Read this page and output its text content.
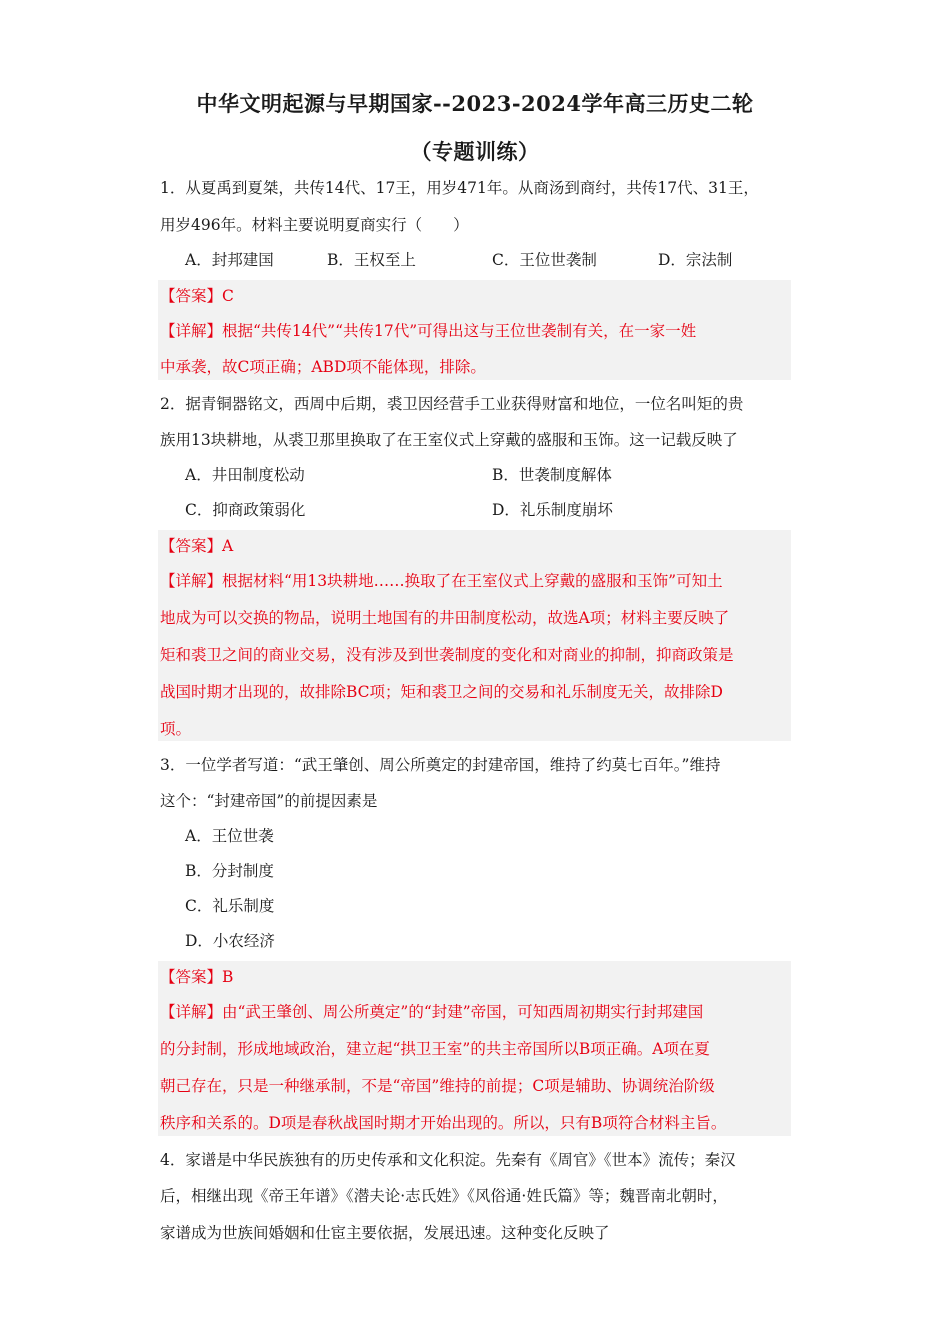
中华文明起源与早期国家--2023-2024学年高三历史二轮
（专题训练）
1．从夏禹到夏桀，共传14代、17王，用岁471年。从商汤到商纣，共传17代、31王，
用岁496年。材料主要说明夏商实行（　　）
A．封邦建国	B．王权至上	C．王位世袭制	D．宗法制
【答案】C
【详解】根据“共传14代”“共传17代”可得出这与王位世袭制有关，在一家一姓
中承袭，故C项正确；ABD项不能体现，排除。
2．据青铜器铭文，西周中后期，裘卫因经营手工业获得财富和地位，一位名叫矩的贵
族用13块耕地，从裘卫那里换取了在王室仪式上穿戴的盛服和玉饰。这一记载反映了
A．井田制度松动	B．世袭制度解体
C．抑商政策弱化	D．礼乐制度崩坏
【答案】A
【详解】根据材料“用13块耕地……换取了在王室仪式上穿戴的盛服和玉饰”可知土
地成为可以交换的物品，说明土地国有的井田制度松动，故选A项；材料主要反映了
矩和裘卫之间的商业交易，没有涉及到世袭制度的变化和对商业的抑制，抑商政策是
战国时期才出现的，故排除BC项；矩和裘卫之间的交易和礼乐制度无关，故排除D
项。
3．一位学者写道：“武王肇创、周公所奠定的封建帝国，维持了约莫七百年。”维持
这个：“封建帝国”的前提因素是
A．王位世袭
B．分封制度
C．礼乐制度
D．小农经济
【答案】B
【详解】由“武王肇创、周公所奠定”的“封建”帝国，可知西周初期实行封邦建国
的分封制，形成地域政治，建立起“拱卫王室”的共主帝国所以B项正确。A项在夏
朝己存在，只是一种继承制，不是“帝国”维持的前提；C项是辅助、协调统治阶级
秩序和关系的。D项是春秋战国时期才开始出现的。所以，只有B项符合材料主旨。
4．家谱是中华民族独有的历史传承和文化积淀。先秦有《周官》《世本》流传；秦汉
后，相继出现《帝王年谱》《潜夫论·志氏姓》《风俗通·姓氏篇》等；魏晋南北朝时，
家谱成为世族间婚姻和仕宦主要依据，发展迅速。这种变化反映了
